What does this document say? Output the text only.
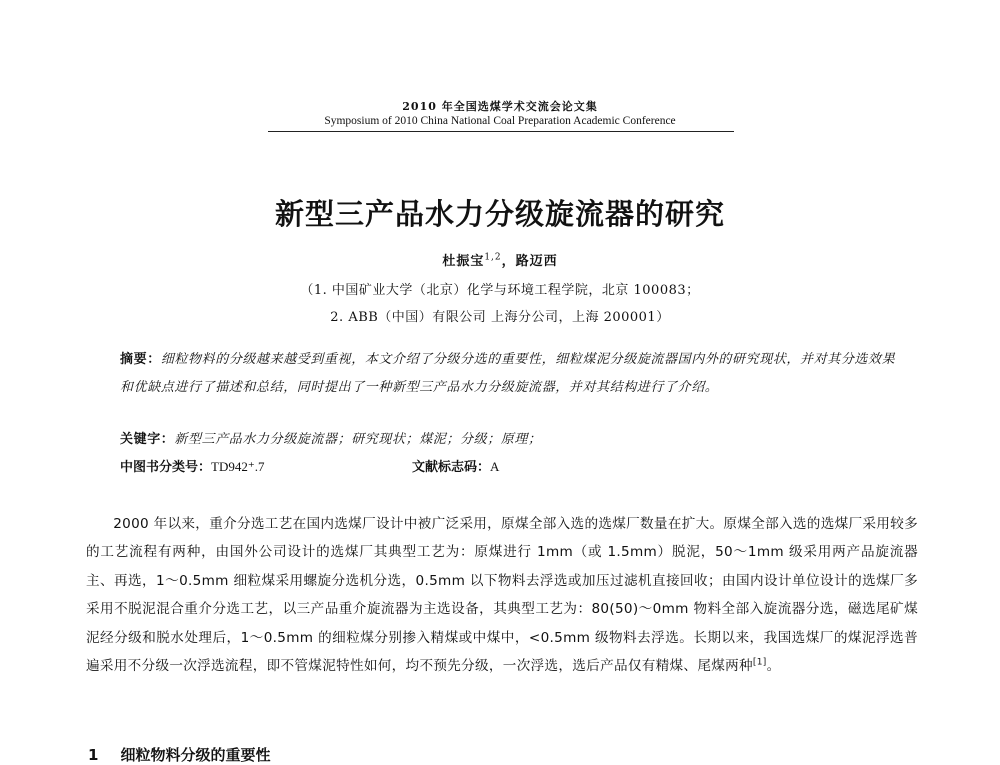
2010 年全国选煤学术交流会论文集
Symposium of 2010 China National Coal Preparation Academic Conference
新型三产品水力分级旋流器的研究
杜振宝$^{1,2}$，路迈西
（1. 中国矿业大学（北京）化学与环境工程学院，北京 100083；
2. ABB（中国）有限公司 上海分公司，上海 200001）
摘要：细粒物料的分级越来越受到重视，本文介绍了分级分选的重要性，细粒煤泥分级旋流器国内外的研究现状，并对其分选效果和优缺点进行了描述和总结，同时提出了一种新型三产品水力分级旋流器，并对其结构进行了介绍。
关键字：新型三产品水力分级旋流器；研究现状；煤泥；分级；原理；
中图书分类号：TD942⁺.7	文献标志码：A
2000 年以来，重介分选工艺在国内选煤厂设计中被广泛采用，原煤全部入选的选煤厂数量在扩大。原煤全部入选的选煤厂采用较多的工艺流程有两种，由国外公司设计的选煤厂其典型工艺为：原煤进行 1mm（或 1.5mm）脱泥，50～1mm 级采用两产品旋流器主、再选，1～0.5mm 细粒煤采用螺旋分选机分选，0.5mm 以下物料去浮选或加压过滤机直接回收；由国内设计单位设计的选煤厂多采用不脱泥混合重介分选工艺，以三产品重介旋流器为主选设备，其典型工艺为：80(50)～0mm 物料全部入旋流器分选，磁选尾矿煤泥经分级和脱水处理后，1～0.5mm 的细粒煤分别掺入精煤或中煤中，<0.5mm 级物料去浮选。长期以来，我国选煤厂的煤泥浮选普遍采用不分级一次浮选流程，即不管煤泥特性如何，均不预先分级，一次浮选，选后产品仅有精煤、尾煤两种[1]。
1 细粒物料分级的重要性
